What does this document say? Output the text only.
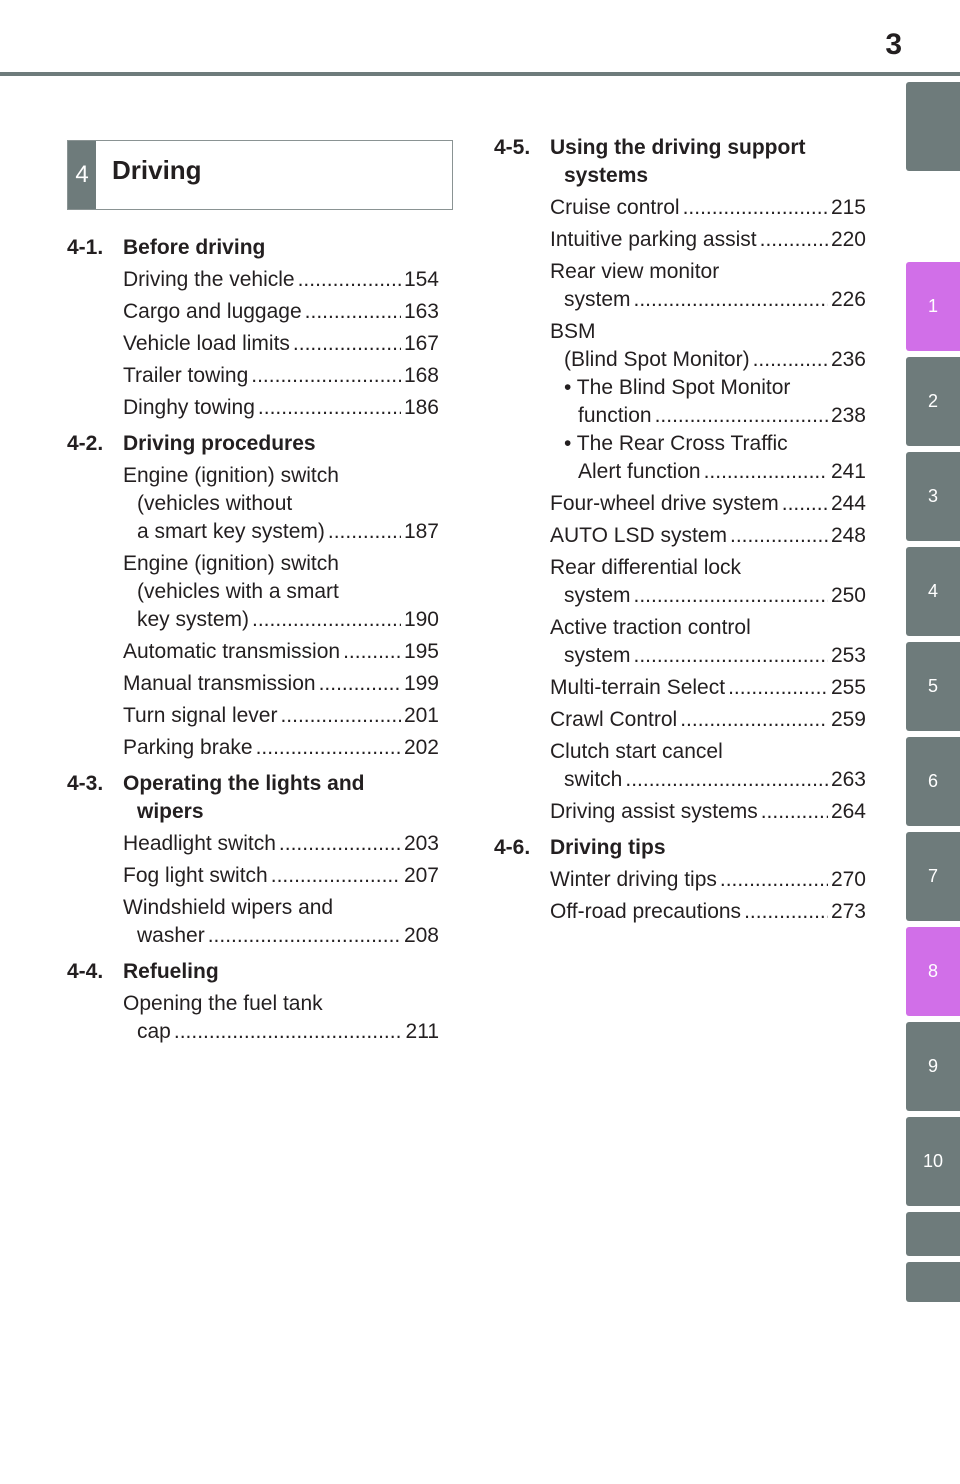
3
1
2
3
4
5
6
7
8
9
10
4 Driving
4-1. Before driving
Driving the vehicle .....	154
Cargo and luggage .....	163
Vehicle load limits .....	167
Trailer towing .....	168
Dinghy towing .....	186
4-2. Driving procedures
Engine (ignition) switch
(vehicles without
a smart key system) .....	187
Engine (ignition) switch
(vehicles with a smart
key system) .....	190
Automatic transmission .....	195
Manual transmission .....	199
Turn signal lever .....	201
Parking brake .....	202
4-3. Operating the lights and
wipers
Headlight switch .....	203
Fog light switch .....	207
Windshield wipers and
washer .....	208
4-4. Refueling
Opening the fuel tank
cap .....	211
4-5. Using the driving support
systems
Cruise control .....	215
Intuitive parking assist .....	220
Rear view monitor
system .....	226
BSM
(Blind Spot Monitor) .....	236
• The Blind Spot Monitor
function .....	238
• The Rear Cross Traffic
Alert function .....	241
Four-wheel drive system ..... 244
AUTO LSD system .....	248
Rear differential lock
system .....	250
Active traction control
system .....	253
Multi-terrain Select .....	255
Crawl Control .....	259
Clutch start cancel
switch .....	263
Driving assist systems .....	264
4-6. Driving tips
Winter driving tips .....	270
Off-road precautions .....	273
